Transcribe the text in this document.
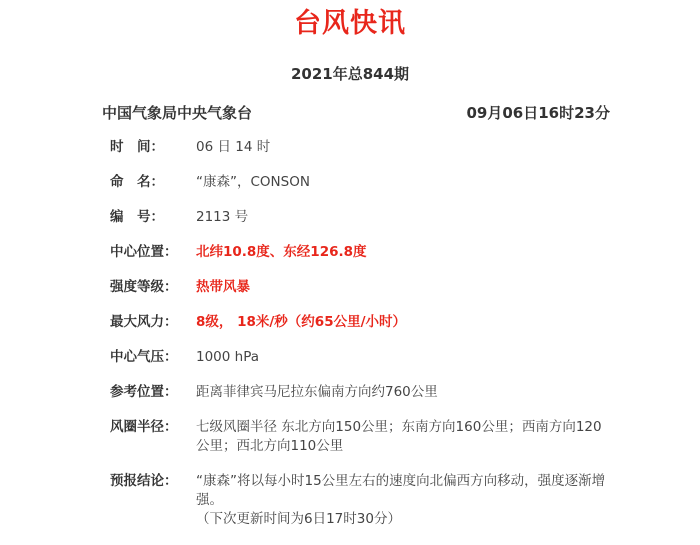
台风快讯
2021年总844期
中国气象局中央气象台	09月06日16时23分
时　间：	06 日 14 时
命　名：	“康森”，CONSON
编　号：	2113 号
中心位置：	北纬10.8度、东经126.8度
强度等级：	热带风暴
最大风力：	8级， 18米/秒（约65公里/小时）
中心气压：	1000 hPa
参考位置：	距离菲律宾马尼拉东偏南方向约760公里
风圈半径：	七级风圈半径 东北方向150公里；东南方向160公里；西南方向120公里；西北方向110公里
预报结论：	“康森”将以每小时15公里左右的速度向北偏西方向移动，强度逐渐增强。
（下次更新时间为6日17时30分）
